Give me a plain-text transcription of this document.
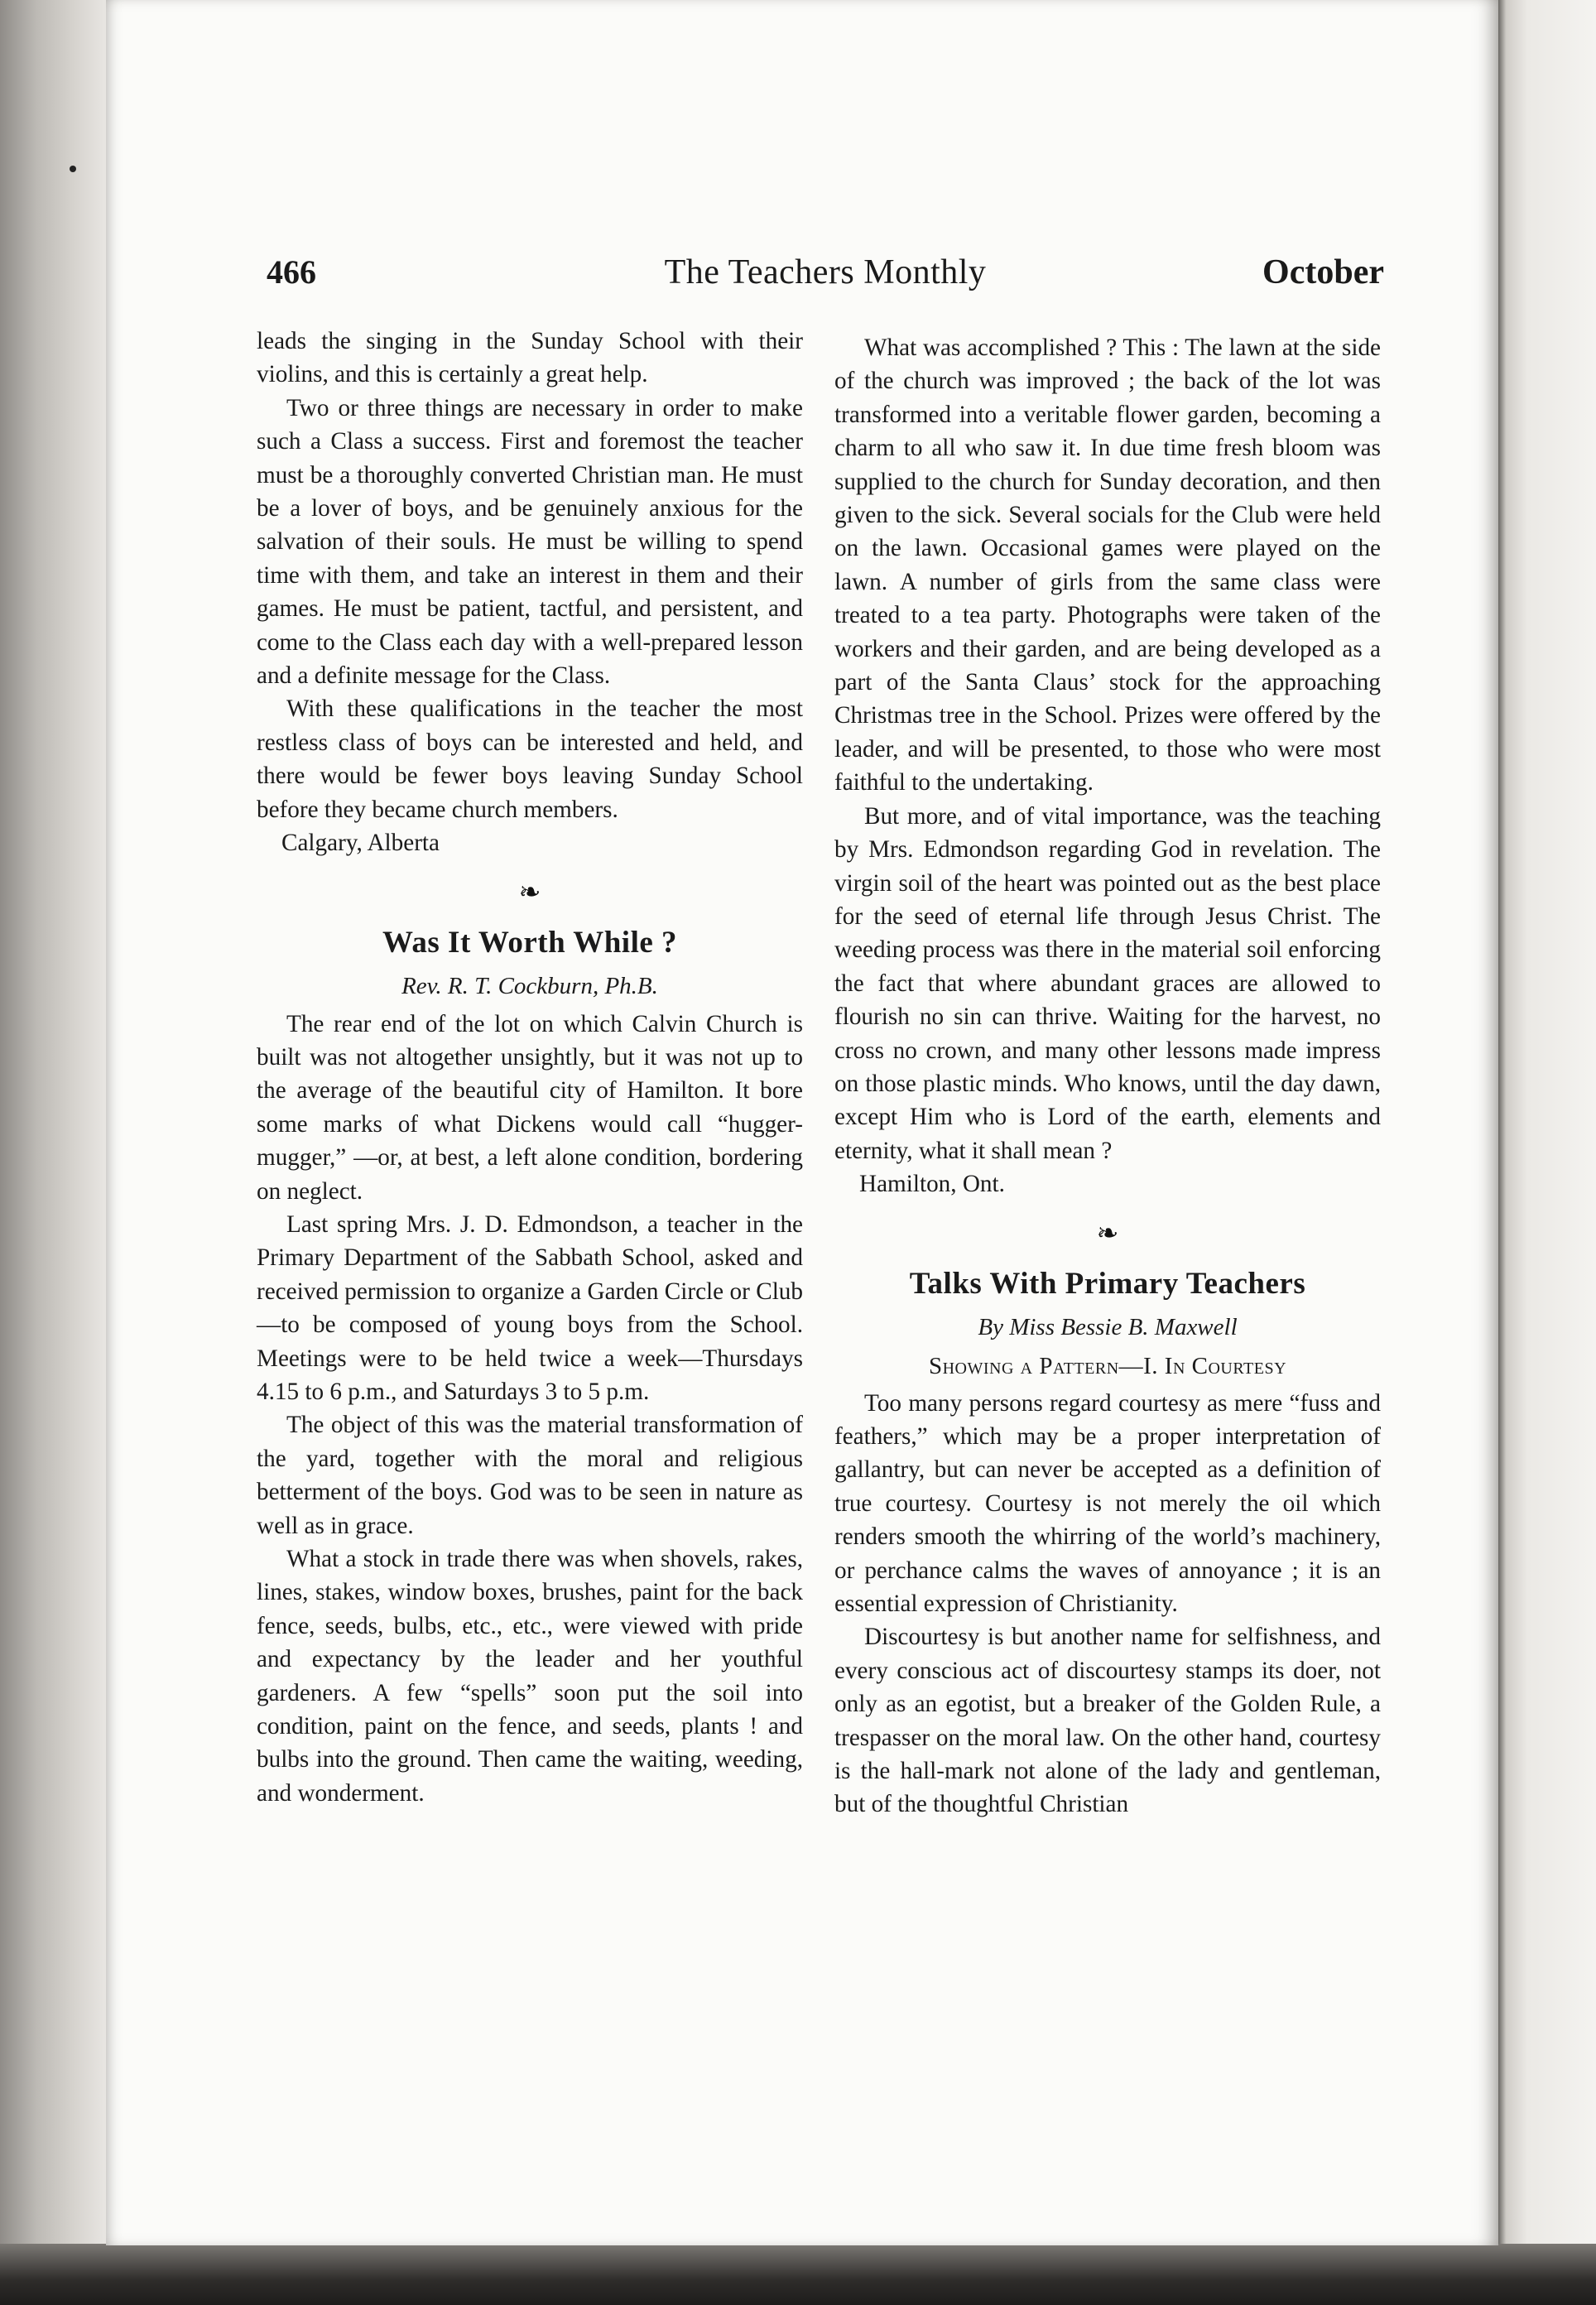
466	The Teachers Monthly	October

leads the singing in the Sunday School with their violins, and this is certainly a great help.

Two or three things are necessary in order to make such a Class a success. First and foremost the teacher must be a thoroughly converted Christian man. He must be a lover of boys, and be genuinely anxious for the salvation of their souls. He must be willing to spend time with them, and take an interest in them and their games. He must be patient, tactful, and persistent, and come to the Class each day with a well-prepared lesson and a definite message for the Class.

With these qualifications in the teacher the most restless class of boys can be interested and held, and there would be fewer boys leaving Sunday School before they became church members.

Calgary, Alberta

❧
Was It Worth While ?
Rev. R. T. Cockburn, Ph.B.

The rear end of the lot on which Calvin Church is built was not altogether unsightly, but it was not up to the average of the beautiful city of Hamilton. It bore some marks of what Dickens would call “hugger-mugger,” —or, at best, a left alone condition, bordering on neglect.

Last spring Mrs. J. D. Edmondson, a teacher in the Primary Department of the Sabbath School, asked and received permission to organize a Garden Circle or Club—to be composed of young boys from the School. Meetings were to be held twice a week—Thursdays 4.15 to 6 p.m., and Saturdays 3 to 5 p.m.

The object of this was the material transformation of the yard, together with the moral and religious betterment of the boys. God was to be seen in nature as well as in grace.

What a stock in trade there was when shovels, rakes, lines, stakes, window boxes, brushes, paint for the back fence, seeds, bulbs, etc., etc., were viewed with pride and expectancy by the leader and her youthful gardeners. A few “spells” soon put the soil into condition, paint on the fence, and seeds, plants ! and bulbs into the ground. Then came the waiting, weeding, and wonderment.

What was accomplished ? This : The lawn at the side of the church was improved ; the back of the lot was transformed into a veritable flower garden, becoming a charm to all who saw it. In due time fresh bloom was supplied to the church for Sunday decoration, and then given to the sick. Several socials for the Club were held on the lawn. Occasional games were played on the lawn. A number of girls from the same class were treated to a tea party. Photographs were taken of the workers and their garden, and are being developed as a part of the Santa Claus’ stock for the approaching Christmas tree in the School. Prizes were offered by the leader, and will be presented, to those who were most faithful to the undertaking.

But more, and of vital importance, was the teaching by Mrs. Edmondson regarding God in revelation. The virgin soil of the heart was pointed out as the best place for the seed of eternal life through Jesus Christ. The weeding process was there in the material soil enforcing the fact that where abundant graces are allowed to flourish no sin can thrive. Waiting for the harvest, no cross no crown, and many other lessons made impress on those plastic minds. Who knows, until the day dawn, except Him who is Lord of the earth, elements and eternity, what it shall mean ?

Hamilton, Ont.

❧
Talks With Primary Teachers
By Miss Bessie B. Maxwell
Showing a Pattern—I. In Courtesy

Too many persons regard courtesy as mere “fuss and feathers,” which may be a proper interpretation of gallantry, but can never be accepted as a definition of true courtesy. Courtesy is not merely the oil which renders smooth the whirring of the world’s machinery, or perchance calms the waves of annoyance ; it is an essential expression of Christianity.

Discourtesy is but another name for selfishness, and every conscious act of discourtesy stamps its doer, not only as an egotist, but a breaker of the Golden Rule, a trespasser on the moral law. On the other hand, courtesy is the hall-mark not alone of the lady and gentleman, but of the thoughtful Christian
